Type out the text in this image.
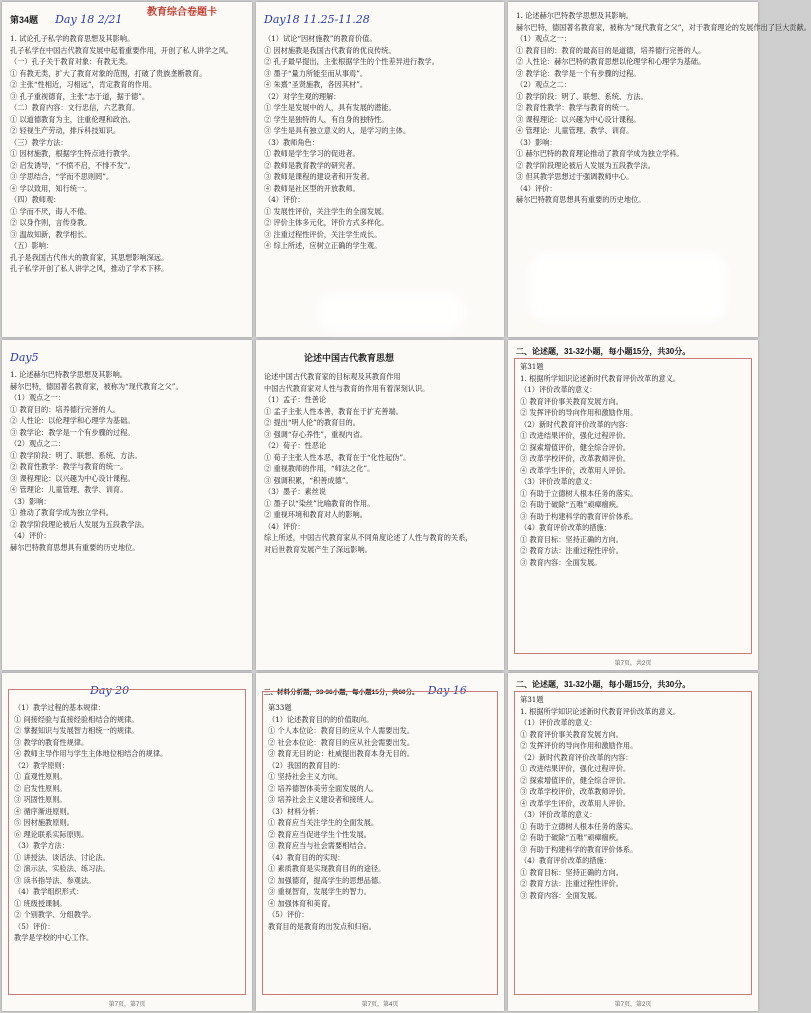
第34题 Day 18 2/21
教育综合卷题卡
1. 试论孔子私学的教育思想及其影响。
孔子私学在中国古代教育发展中起着重要作用，开创了私人讲学之风。
（一）孔子关于教育对象：有教无类。
① 有教无类，扩大了教育对象的范围，打破了贵族垄断教育。
② 主张“性相近，习相远”，肯定教育的作用。
③ 孔子重视德育，主张“志于道，据于德”。
（二）教育内容：文行忠信，六艺教育。
① 以道德教育为主，注重伦理和政治。
② 轻视生产劳动，排斥科技知识。
（三）教学方法：
① 因材施教，根据学生特点进行教学。
② 启发诱导，“不愤不启，不悱不发”。
③ 学思结合，“学而不思则罔”。
④ 学以致用，知行统一。
（四）教师观：
① 学而不厌，诲人不倦。
② 以身作则，言传身教。
③ 温故知新，教学相长。
（五）影响：
孔子是我国古代伟大的教育家，其思想影响深远。
孔子私学开创了私人讲学之风，推动了学术下移。
Day18 11.25-11.28
（1）试论“因材施教”的教育价值。
① 因材施教是我国古代教育的优良传统。
② 孔子最早提出，主张根据学生的个性差异进行教学。
③ 墨子“量力所能至而从事焉”。
④ 朱熹“圣贤施教，各因其材”。
（2）对学生观的理解：
① 学生是发展中的人，具有发展的潜能。
② 学生是独特的人，有自身的独特性。
③ 学生是具有独立意义的人，是学习的主体。
（3）教师角色：
① 教师是学生学习的促进者。
② 教师是教育教学的研究者。
③ 教师是课程的建设者和开发者。
④ 教师是社区型的开放教师。
（4）评价：
① 发展性评价，关注学生的全面发展。
② 评价主体多元化，评价方式多样化。
③ 注重过程性评价，关注学生成长。
④ 综上所述，应树立正确的学生观。
1. 论述赫尔巴特教学思想及其影响。
赫尔巴特，德国著名教育家，被称为“现代教育之父”，对于教育理论的发展作出了巨大贡献。
（1）观点之一：
① 教育目的：教育的最高目的是道德，培养德行完善的人。
② 人性论：赫尔巴特的教育思想以伦理学和心理学为基础。
③ 教学论：教学是一个有步骤的过程。
（2）观点之二：
① 教学阶段：明了、联想、系统、方法。
② 教育性教学：教学与教育的统一。
③ 课程理论：以兴趣为中心设计课程。
④ 管理论：儿童管理、教学、训育。
（3）影响：
① 赫尔巴特的教育理论推动了教育学成为独立学科。
② 教学阶段理论被后人发展为五段教学法。
③ 但其教学思想过于强调教师中心。
（4）评价：
赫尔巴特教育思想具有重要的历史地位。
Day5
1. 论述赫尔巴特教学思想及其影响。
赫尔巴特，德国著名教育家，被称为“现代教育之父”。
（1）观点之一：
① 教育目的：培养德行完善的人。
② 人性论：以伦理学和心理学为基础。
③ 教学论：教学是一个有步骤的过程。
（2）观点之二：
① 教学阶段：明了、联想、系统、方法。
② 教育性教学：教学与教育的统一。
③ 课程理论：以兴趣为中心设计课程。
④ 管理论：儿童管理、教学、训育。
（3）影响：
① 推动了教育学成为独立学科。
② 教学阶段理论被后人发展为五段教学法。
（4）评价：
赫尔巴特教育思想具有重要的历史地位。
论述中国古代教育思想
论述中国古代教育家的目标观及其教育作用
中国古代教育家对人性与教育的作用有着深刻认识。
（1）孟子：性善论
① 孟子主张人性本善，教育在于扩充善端。
② 提出“明人伦”的教育目的。
③ 强调“存心养性”，重视内省。
（2）荀子：性恶论
① 荀子主张人性本恶，教育在于“化性起伪”。
② 重视教师的作用，“师法之化”。
③ 强调积累，“积善成德”。
（3）墨子：素丝说
① 墨子以“染丝”比喻教育的作用。
② 重视环境和教育对人的影响。
（4）评价：
综上所述，中国古代教育家从不同角度论述了人性与教育的关系，
对后世教育发展产生了深远影响。
二、论述题，31-32小题，每小题15分，共30分。
第31题
1. 根据所学知识论述新时代教育评价改革的意义。
（1）评价改革的意义：
① 教育评价事关教育发展方向。
② 发挥评价的导向作用和激励作用。
（2）新时代教育评价改革的内容：
① 改进结果评价，强化过程评价。
② 探索增值评价，健全综合评价。
③ 改革学校评价，改革教师评价。
④ 改革学生评价，改革用人评价。
（3）评价改革的意义：
① 有助于立德树人根本任务的落实。
② 有助于破除“五唯”顽瘴痼疾。
③ 有助于构建科学的教育评价体系。
（4）教育评价改革的措施：
① 教育目标：坚持正确的方向。
② 教育方法：注重过程性评价。
③ 教育内容：全面发展。
第7页，共2页
Day 20
（1）教学过程的基本规律：
① 间接经验与直接经验相结合的规律。
② 掌握知识与发展智力相统一的规律。
③ 教学的教育性规律。
④ 教师主导作用与学生主体地位相结合的规律。
（2）教学原则：
① 直观性原则。
② 启发性原则。
③ 巩固性原则。
④ 循序渐进原则。
⑤ 因材施教原则。
⑥ 理论联系实际原则。
（3）教学方法：
① 讲授法、谈话法、讨论法。
② 演示法、实验法、练习法。
③ 读书指导法、参观法。
（4）教学组织形式：
① 班级授课制。
② 个别教学、分组教学。
（5）评价：
教学是学校的中心工作。
第7页，第7页
三、材料分析题，33-36小题，每小题15分，共60分。 Day 16
第33题
（1）论述教育目的的价值取向。
① 个人本位论：教育目的应从个人需要出发。
② 社会本位论：教育目的应从社会需要出发。
③ 教育无目的论：杜威提出教育本身无目的。
（2）我国的教育目的：
① 坚持社会主义方向。
② 培养德智体美劳全面发展的人。
③ 培养社会主义建设者和接班人。
（3）材料分析：
① 教育应当关注学生的全面发展。
② 教育应当促进学生个性发展。
③ 教育应当与社会需要相结合。
（4）教育目的的实现：
① 素质教育是实现教育目的的途径。
② 加强德育，提高学生的思想品德。
③ 重视智育，发展学生的智力。
④ 加强体育和美育。
（5）评价：
教育目的是教育的出发点和归宿。
第7页，第4页
二、论述题，31-32小题，每小题15分，共30分。
第31题
1. 根据所学知识论述新时代教育评价改革的意义。
（1）评价改革的意义：
① 教育评价事关教育发展方向。
② 发挥评价的导向作用和激励作用。
（2）新时代教育评价改革的内容：
① 改进结果评价，强化过程评价。
② 探索增值评价，健全综合评价。
③ 改革学校评价，改革教师评价。
④ 改革学生评价，改革用人评价。
（3）评价改革的意义：
① 有助于立德树人根本任务的落实。
② 有助于破除“五唯”顽瘴痼疾。
③ 有助于构建科学的教育评价体系。
（4）教育评价改革的措施：
① 教育目标：坚持正确的方向。
② 教育方法：注重过程性评价。
③ 教育内容：全面发展。
第7页，第2页
